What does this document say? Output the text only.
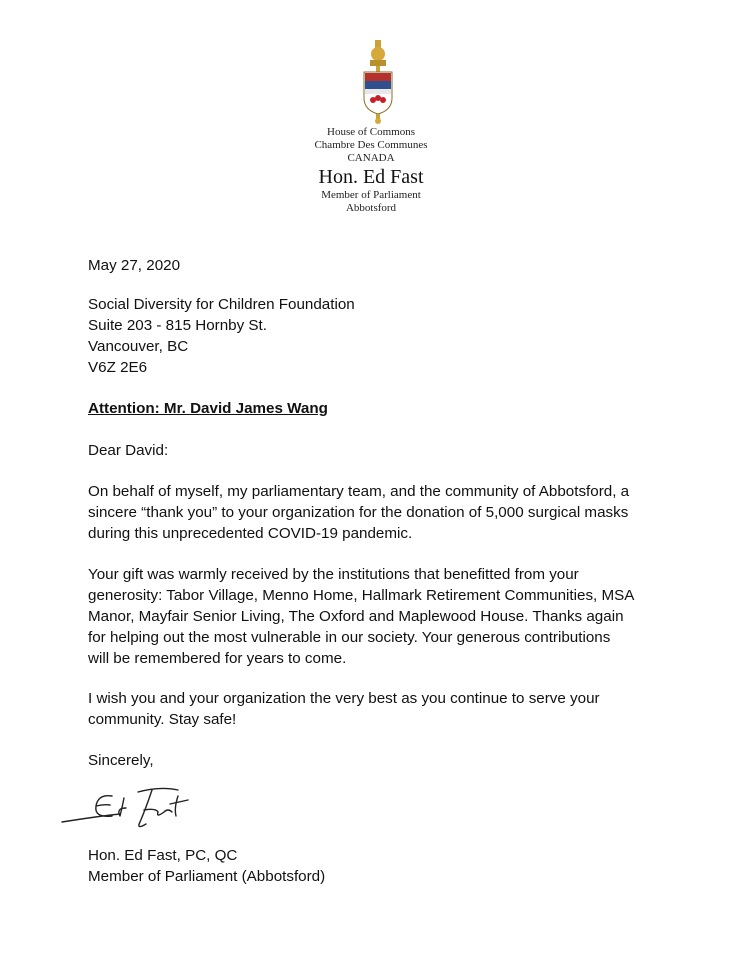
House of Commons
Chambre Des Communes
CANADA
Hon. Ed Fast
Member of Parliament
Abbotsford
May 27, 2020
Social Diversity for Children Foundation
Suite 203 - 815 Hornby St.
Vancouver, BC
V6Z 2E6
Attention: Mr. David James Wang
Dear David:
On behalf of myself, my parliamentary team, and the community of Abbotsford, a
sincere “thank you” to your organization for the donation of 5,000 surgical masks
during this unprecedented COVID-19 pandemic.
Your gift was warmly received by the institutions that benefitted from your
generosity: Tabor Village, Menno Home, Hallmark Retirement Communities, MSA
Manor, Mayfair Senior Living, The Oxford and Maplewood House. Thanks again
for helping out the most vulnerable in our society. Your generous contributions
will be remembered for years to come.
I wish you and your organization the very best as you continue to serve your
community. Stay safe!
Sincerely,
Hon. Ed Fast, PC, QC
Member of Parliament (Abbotsford)
